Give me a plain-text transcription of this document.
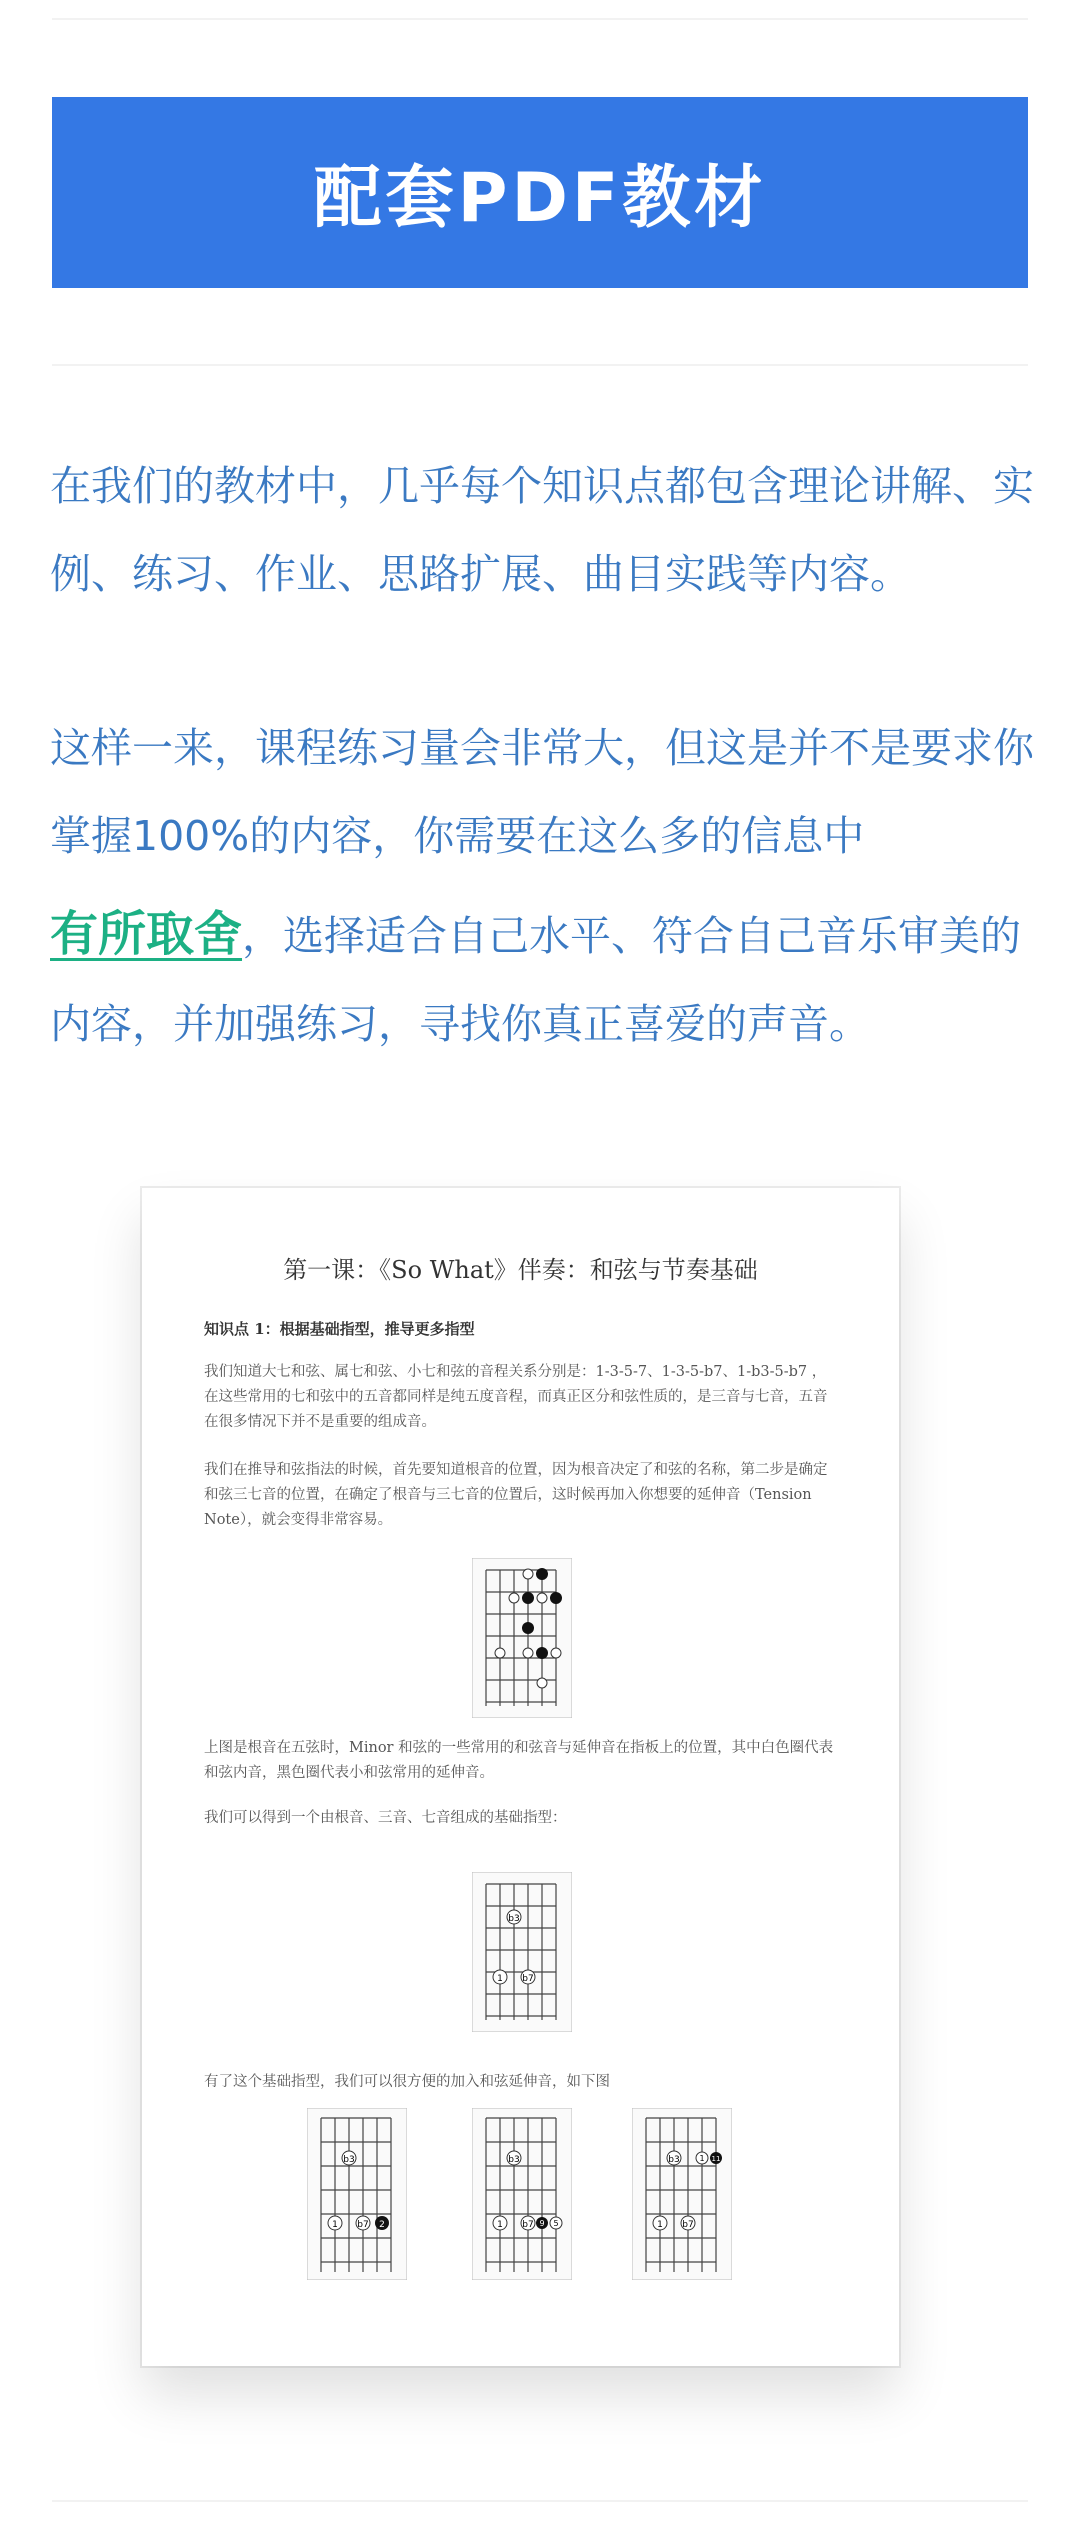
配套PDF教材

在我们的教材中，几乎每个知识点都包含理论讲解、实例、练习、作业、思路扩展、曲目实践等内容。

这样一来，课程练习量会非常大，但这是并不是要求你掌握100%的内容，你需要在这么多的信息中

有所取舍，选择适合自己水平、符合自己音乐审美的内容，并加强练习，寻找你真正喜爱的声音。

第一课：《So What》伴奏：和弦与节奏基础
知识点 1：根据基础指型，推导更多指型

我们知道大七和弦、属七和弦、小七和弦的音程关系分别是：1-3-5-7、1-3-5-b7、1-b3-5-b7 ，在这些常用的七和弦中的五音都同样是纯五度音程，而真正区分和弦性质的，是三音与七音，五音在很多情况下并不是重要的组成音。

我们在推导和弦指法的时候，首先要知道根音的位置，因为根音决定了和弦的名称，第二步是确定和弦三七音的位置，在确定了根音与三七音的位置后，这时候再加入你想要的延伸音（Tension Note），就会变得非常容易。

上图是根音在五弦时，Minor 和弦的一些常用的和弦音与延伸音在指板上的位置，其中白色圈代表和弦内音，黑色圈代表小和弦常用的延伸音。

我们可以得到一个由根音、三音、七音组成的基础指型：

b3
1 b7

有了这个基础指型，我们可以很方便的加入和弦延伸音，如下图

b3
1 b7 2
b3
1 b7 9 5
b3 1 11
1 b7
